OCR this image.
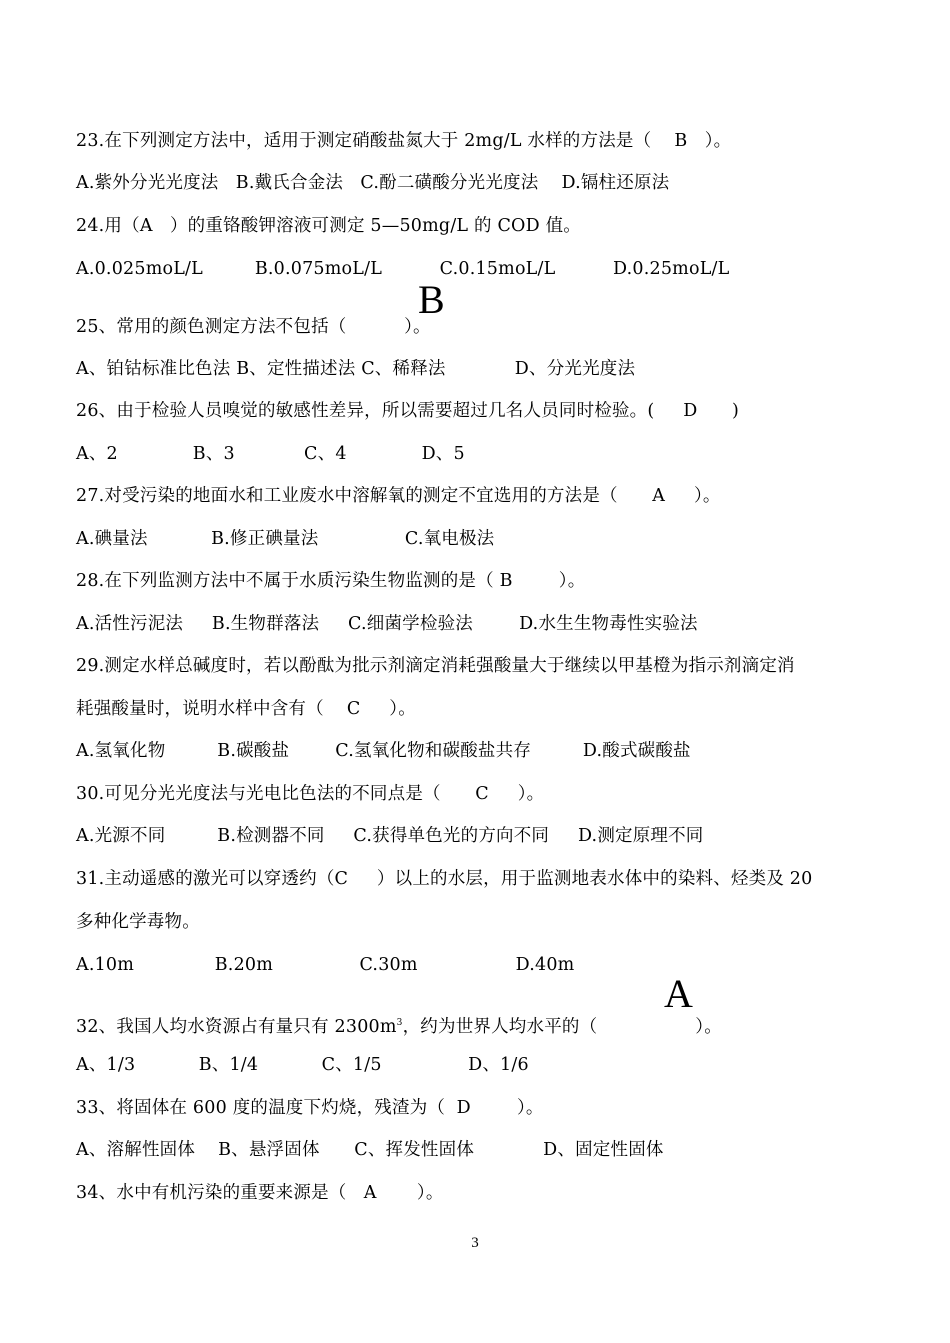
23.在下列测定方法中，适用于测定硝酸盐氮大于 2mg/L 水样的方法是（    B   ）。
A.紫外分光光度法   B.戴氏合金法   C.酚二磺酸分光光度法    D.镉柱还原法
24.用（A   ）的重铬酸钾溶液可测定 5—50mg/L 的 COD 值。
A.0.025moL/L         B.0.075moL/L          C.0.15moL/L          D.0.25moL/L
B
25、常用的颜色测定方法不包括（          ）。
A、铂钴标准比色法 B、定性描述法 C、稀释法            D、分光光度法
26、由于检验人员嗅觉的敏感性差异，所以需要超过几名人员同时检验。(     D      )
A、2             B、3            C、4             D、5
27.对受污染的地面水和工业废水中溶解氧的测定不宜选用的方法是（      A     ）。
A.碘量法           B.修正碘量法               C.氧电极法
28.在下列监测方法中不属于水质污染生物监测的是（ B        ）。
A.活性污泥法     B.生物群落法     C.细菌学检验法        D.水生生物毒性实验法
29.测定水样总碱度时，若以酚酞为批示剂滴定消耗强酸量大于继续以甲基橙为指示剂滴定消
耗强酸量时，说明水样中含有（    C     ）。
A.氢氧化物         B.碳酸盐        C.氢氧化物和碳酸盐共存         D.酸式碳酸盐
30.可见分光光度法与光电比色法的不同点是（      C     ）。
A.光源不同         B.检测器不同     C.获得单色光的方向不同     D.测定原理不同
31.主动遥感的激光可以穿透约（C     ）以上的水层，用于监测地表水体中的染料、烃类及 20
多种化学毒物。
A.10m              B.20m               C.30m                 D.40m
A
32、我国人均水资源占有量只有 $2300m^3$，约为世界人均水平的（                 ）。
A、1/3           B、1/4           C、1/5               D、1/6
33、将固体在 600 度的温度下灼烧，残渣为（  D        ）。
A、溶解性固体    B、悬浮固体      C、挥发性固体            D、固定性固体
34、水中有机污染的重要来源是（   A       ）。
3
